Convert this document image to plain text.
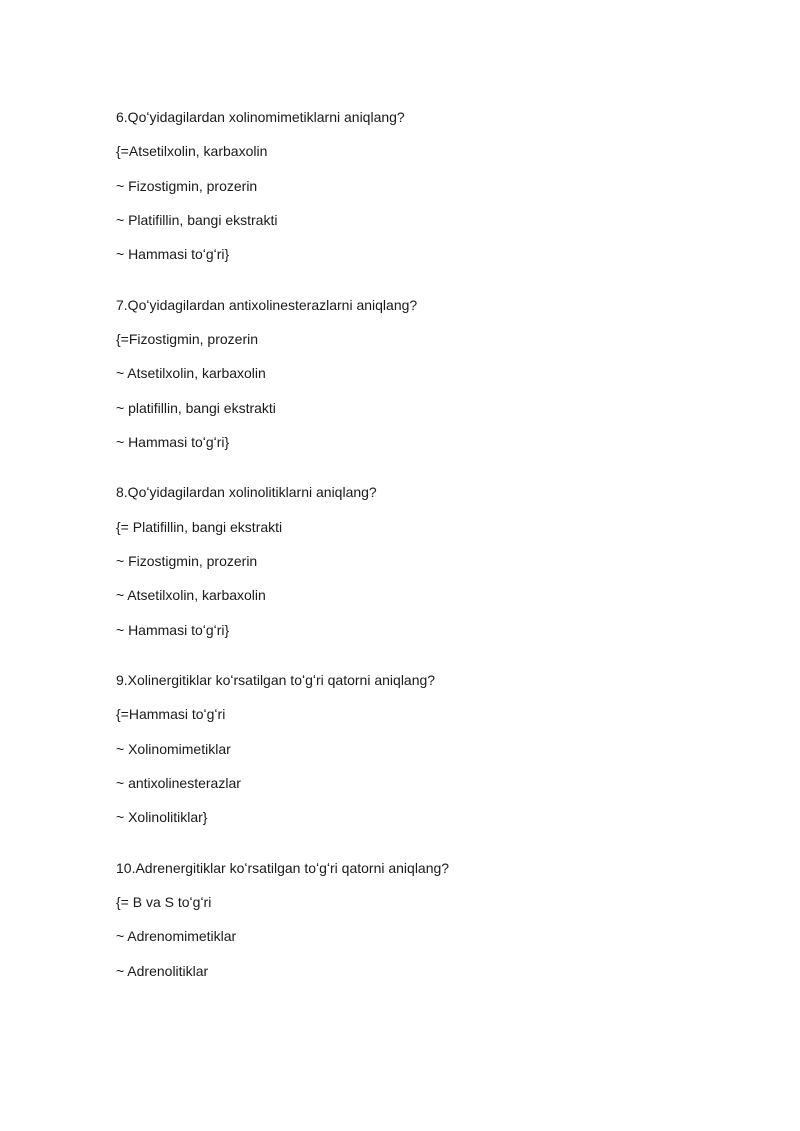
6.Qoʻyidagilardan xolinomimetiklarni aniqlang?
{=Atsetilxolin, karbaxolin
~ Fizostigmin, prozerin
~ Platifillin, bangi ekstrakti
~ Hammasi toʻgʻri}
7.Qoʻyidagilardan antixolinesterazlarni aniqlang?
{=Fizostigmin, prozerin
~ Atsetilxolin, karbaxolin
~ platifillin, bangi ekstrakti
~ Hammasi toʻgʻri}
8.Qoʻyidagilardan xolinolitiklarni aniqlang?
{= Platifillin, bangi ekstrakti
~ Fizostigmin, prozerin
~ Atsetilxolin, karbaxolin
~ Hammasi toʻgʻri}
9.Xolinergitiklar koʻrsatilgan toʻgʻri qatorni aniqlang?
{=Hammasi toʻgʻri
~ Xolinomimetiklar
~ antixolinesterazlar
~ Xolinolitiklar}
10.Adrenergitiklar koʻrsatilgan toʻgʻri qatorni aniqlang?
{= B va S toʻgʻri
~ Adrenomimetiklar
~ Adrenolitiklar
